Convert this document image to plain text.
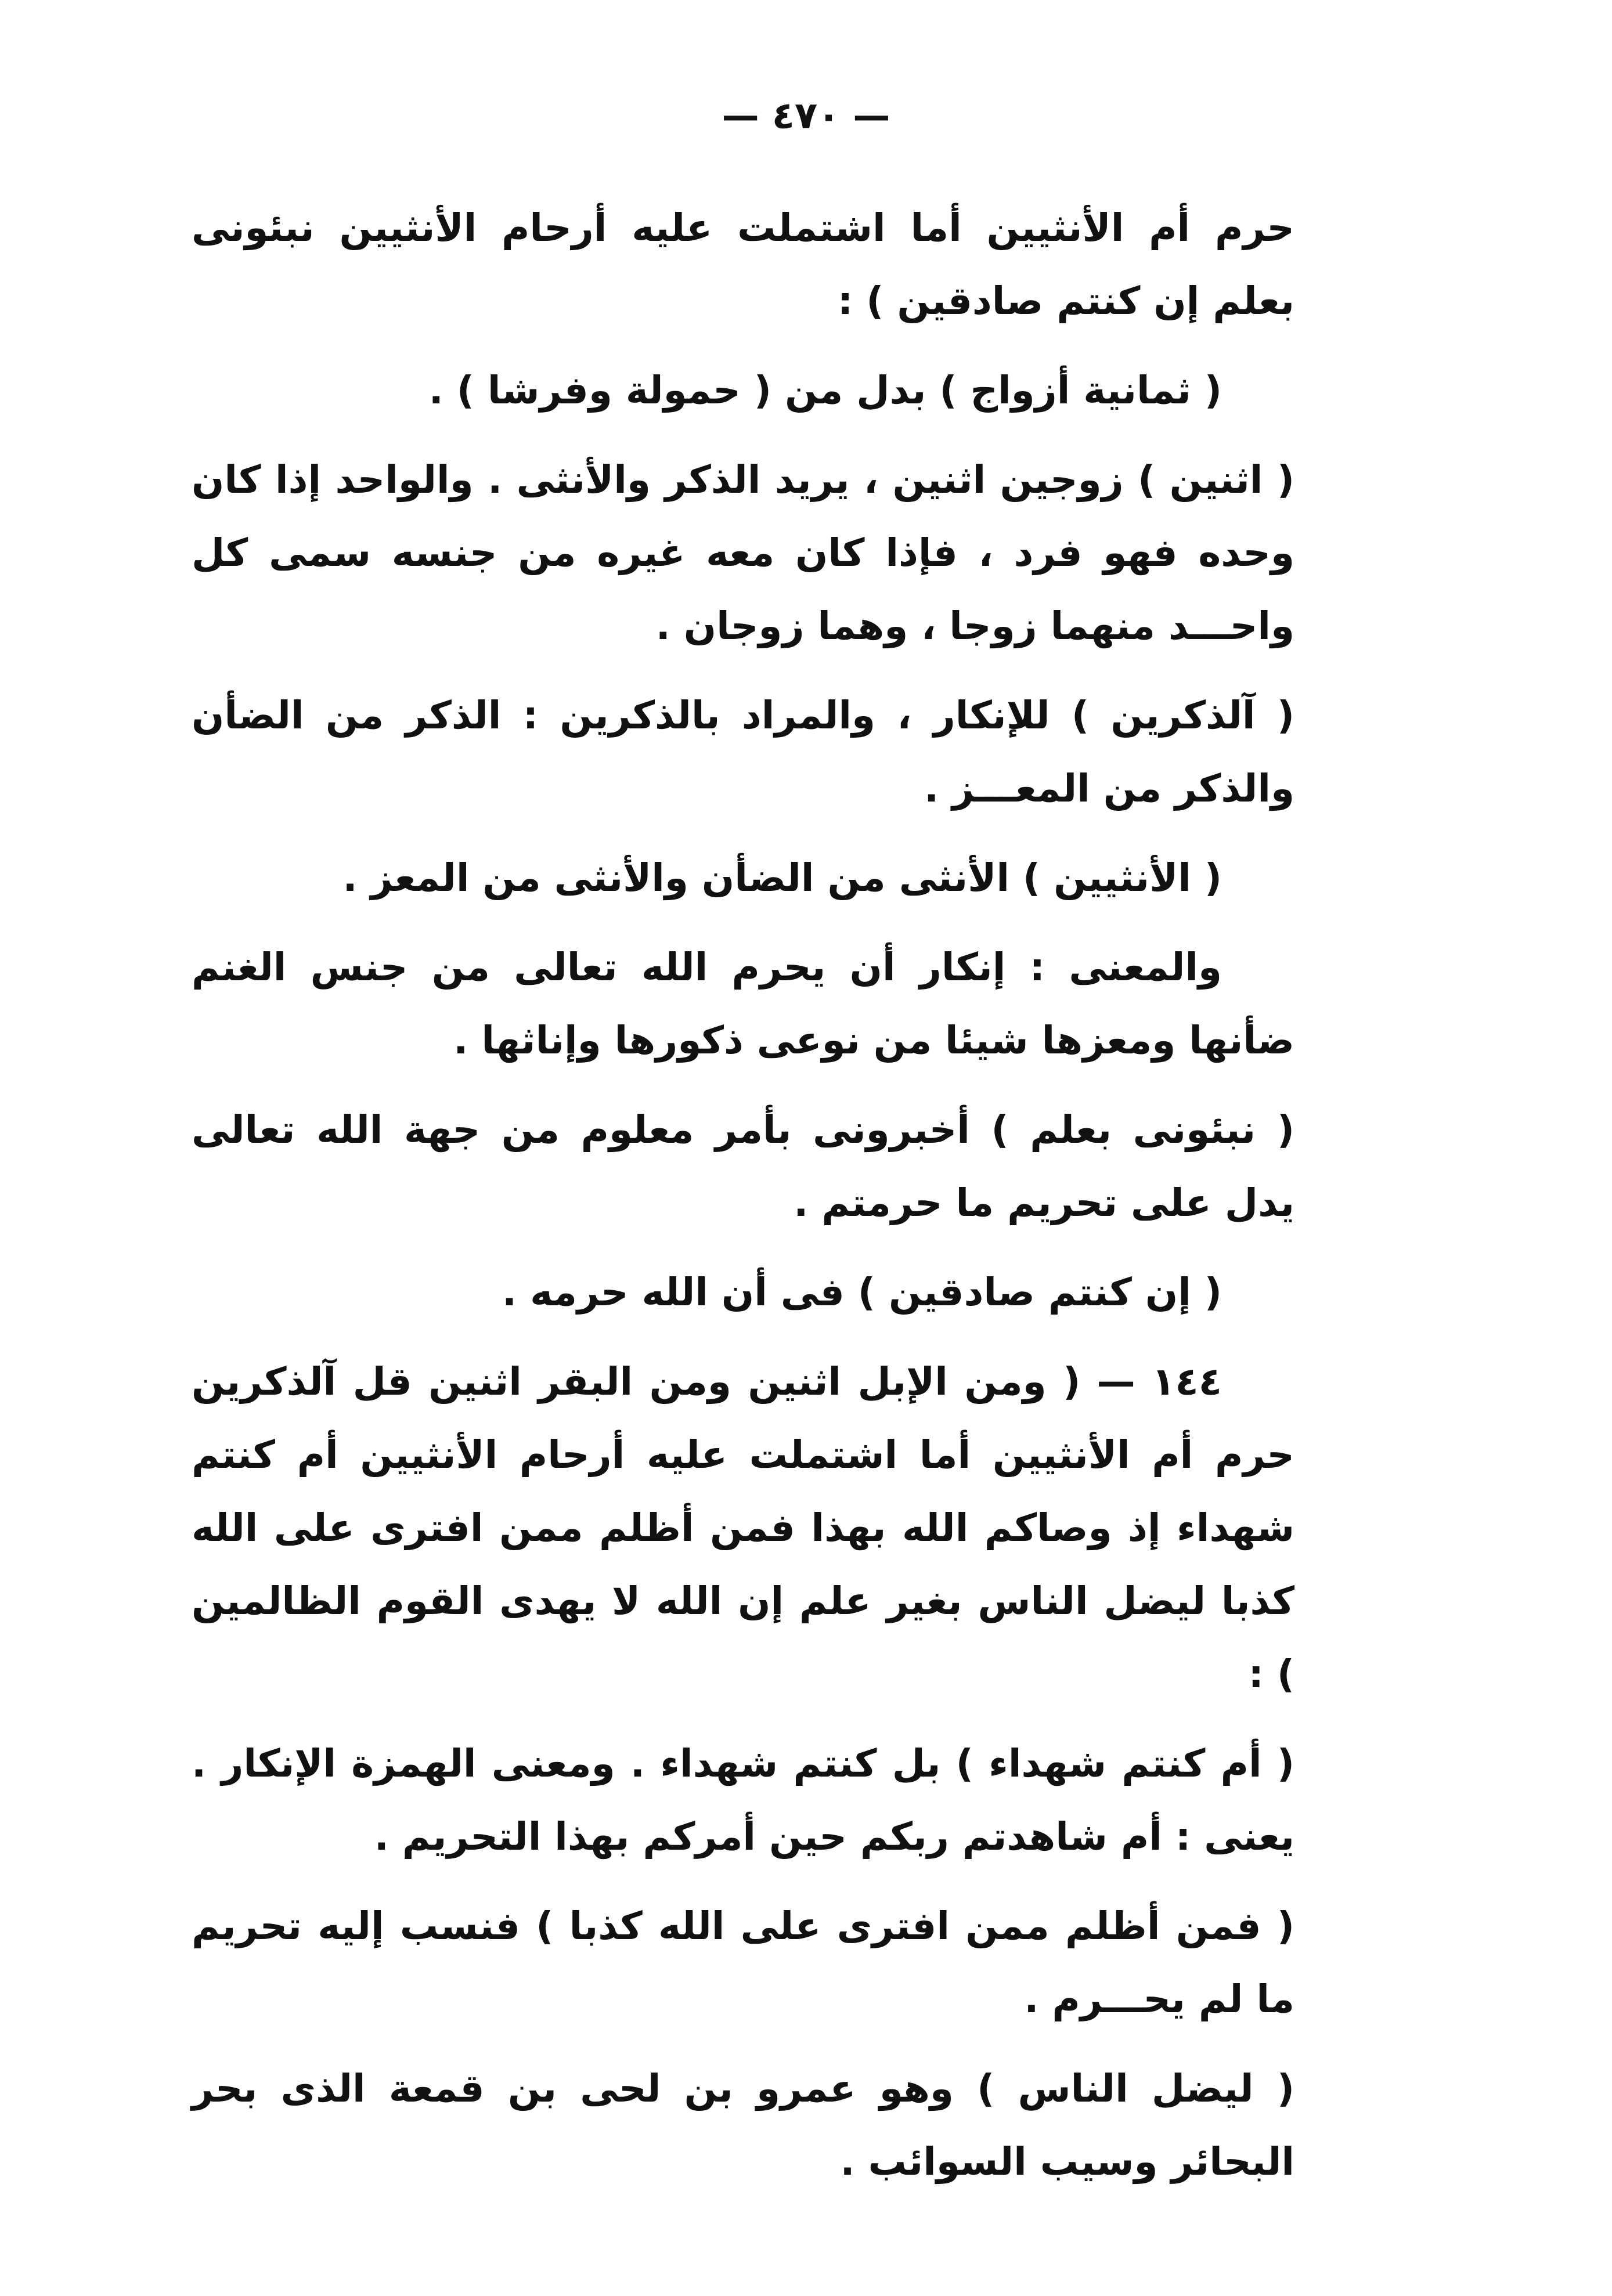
— ٤٧٠ —

حرم أم الأنثيين أما اشتملت عليه أرحام الأنثيين نبئونى بعلم إن كنتم صادقين ) :

( ثمانية أزواج ) بدل من ( حمولة وفرشا ) .

( اثنين ) زوجين اثنين ، يريد الذكر والأنثى . والواحد إذا كان وحده فهو فرد ، فإذا كان معه غيره من جنسه سمى كل واحـــد منهما زوجا ، وهما زوجان .

( آلذكرين ) للإنكار ، والمراد بالذكرين : الذكر من الضأن والذكر من المعـــز .

( الأنثيين ) الأنثى من الضأن والأنثى من المعز .

والمعنى : إنكار أن يحرم الله تعالى من جنس الغنم ضأنها ومعزها شيئا من نوعى ذكورها وإناثها .

( نبئونى بعلم ) أخبرونى بأمر معلوم من جهة الله تعالى يدل على تحريم ما حرمتم .

( إن كنتم صادقين ) فى أن الله حرمه .

١٤٤ — ( ومن الإبل اثنين ومن البقر اثنين قل آلذكرين حرم أم الأنثيين أما اشتملت عليه أرحام الأنثيين أم كنتم شهداء إذ وصاكم الله بهذا فمن أظلم ممن افترى على الله كذبا ليضل الناس بغير علم إن الله لا يهدى القوم الظالمين ) :

( أم كنتم شهداء ) بل كنتم شهداء . ومعنى الهمزة الإنكار . يعنى : أم شاهدتم ربكم حين أمركم بهذا التحريم .

( فمن أظلم ممن افترى على الله كذبا ) فنسب إليه تحريم ما لم يحـــرم .

( ليضل الناس ) وهو عمرو بن لحى بن قمعة الذى بحر البحائر وسيب السوائب .
